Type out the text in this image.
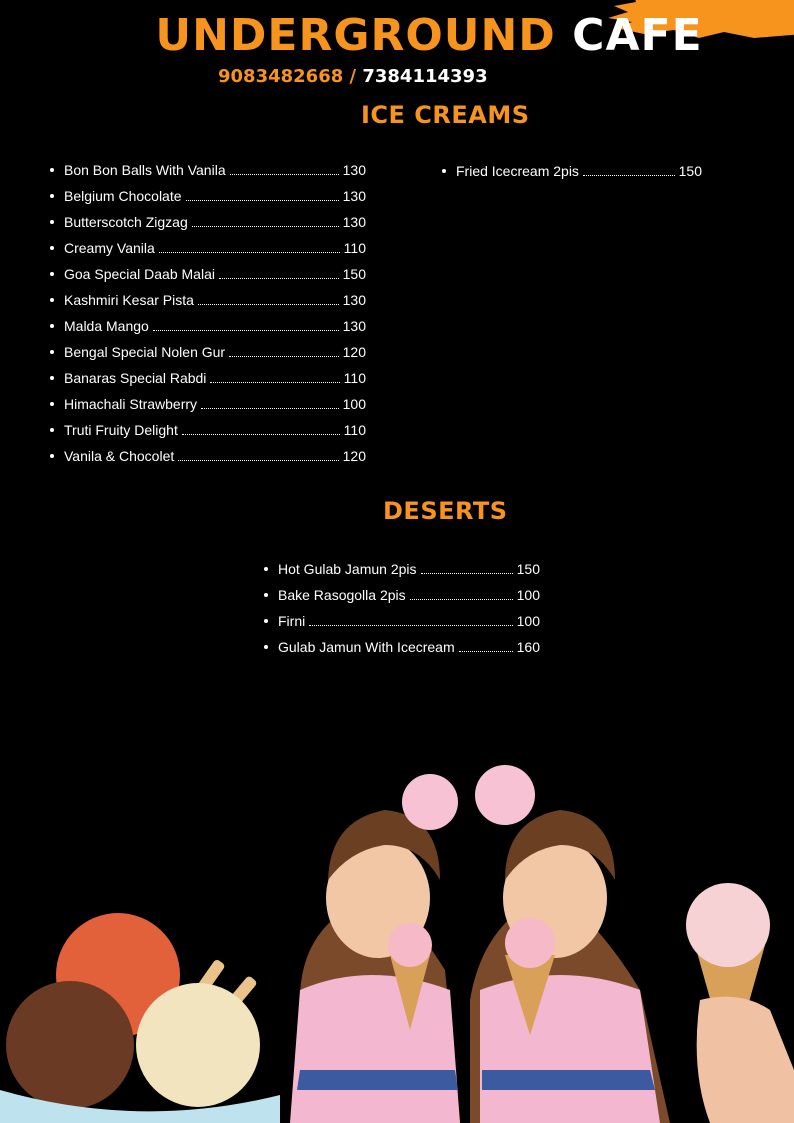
UNDERGROUND CAFE
9083482668 / 7384114393
ICE CREAMS
Bon Bon Balls With Vanila	130
Belgium Chocolate	130
Butterscotch Zigzag	130
Creamy Vanila	110
Goa Special Daab Malai	150
Kashmiri Kesar Pista	130
Malda Mango	130
Bengal Special Nolen Gur	120
Banaras Special Rabdi	110
Himachali Strawberry	100
Truti Fruity Delight	110
Vanila & Chocolet	120
Fried Icecream 2pis	150
DESERTS
Hot Gulab Jamun 2pis	150
Bake Rasogolla 2pis	100
Firni	100
Gulab Jamun With Icecream	160
